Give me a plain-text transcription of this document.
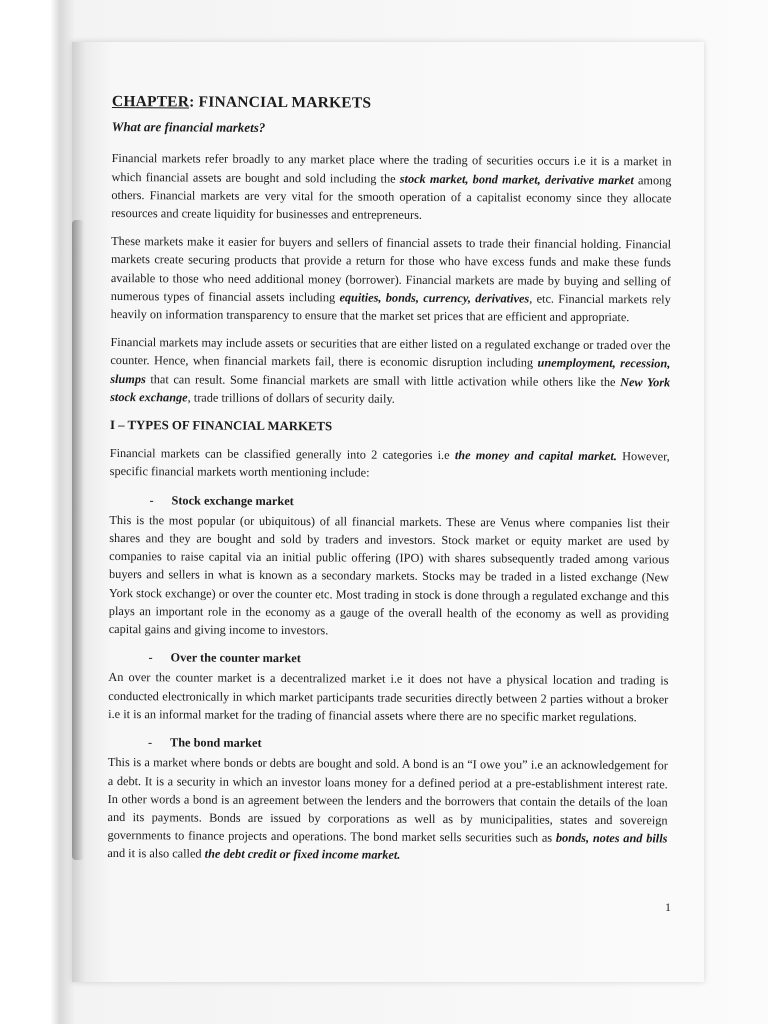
CHAPTER: FINANCIAL MARKETS
What are financial markets?

Financial markets refer broadly to any market place where the trading of securities occurs i.e it is a market in which financial assets are bought and sold including the stock market, bond market, derivative market among others. Financial markets are very vital for the smooth operation of a capitalist economy since they allocate resources and create liquidity for businesses and entrepreneurs.

These markets make it easier for buyers and sellers of financial assets to trade their financial holding. Financial markets create securing products that provide a return for those who have excess funds and make these funds available to those who need additional money (borrower). Financial markets are made by buying and selling of numerous types of financial assets including equities, bonds, currency, derivatives, etc. Financial markets rely heavily on information transparency to ensure that the market set prices that are efficient and appropriate.

Financial markets may include assets or securities that are either listed on a regulated exchange or traded over the counter. Hence, when financial markets fail, there is economic disruption including unemployment, recession, slumps that can result. Some financial markets are small with little activation while others like the New York stock exchange, trade trillions of dollars of security daily.

I – TYPES OF FINANCIAL MARKETS

Financial markets can be classified generally into 2 categories i.e the money and capital market. However, specific financial markets worth mentioning include:

- Stock exchange market

This is the most popular (or ubiquitous) of all financial markets. These are Venus where companies list their shares and they are bought and sold by traders and investors. Stock market or equity market are used by companies to raise capital via an initial public offering (IPO) with shares subsequently traded among various buyers and sellers in what is known as a secondary markets. Stocks may be traded in a listed exchange (New York stock exchange) or over the counter etc. Most trading in stock is done through a regulated exchange and this plays an important role in the economy as a gauge of the overall health of the economy as well as providing capital gains and giving income to investors.

- Over the counter market

An over the counter market is a decentralized market i.e it does not have a physical location and trading is conducted electronically in which market participants trade securities directly between 2 parties without a broker i.e it is an informal market for the trading of financial assets where there are no specific market regulations.

- The bond market

This is a market where bonds or debts are bought and sold. A bond is an “I owe you” i.e an acknowledgement for a debt. It is a security in which an investor loans money for a defined period at a pre-establishment interest rate. In other words a bond is an agreement between the lenders and the borrowers that contain the details of the loan and its payments. Bonds are issued by corporations as well as by municipalities, states and sovereign governments to finance projects and operations. The bond market sells securities such as bonds, notes and bills and it is also called the debt credit or fixed income market.

1
